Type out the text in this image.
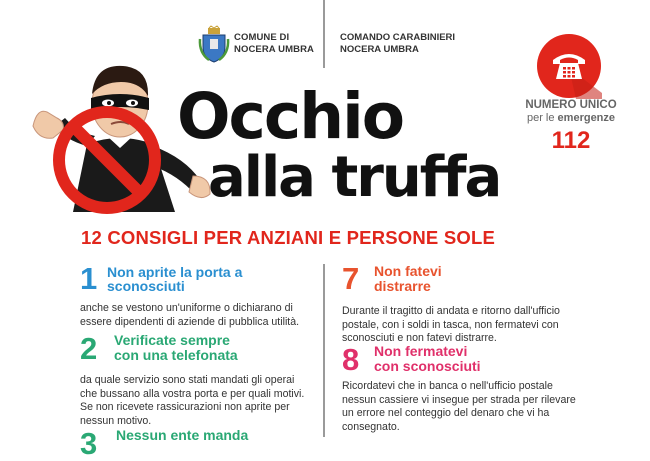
COMUNE DI
NOCERA UMBRA
COMANDO CARABINIERI
NOCERA UMBRA
NUMERO UNICO
per le emergenze
112
Occhio
alla truffa
12 CONSIGLI PER ANZIANI E PERSONE SOLE
1 Non aprite la porta a
sconosciuti
anche se vestono un'uniforme o dichiarano di
essere dipendenti di aziende di pubblica utilità.
2 Verificate sempre
con una telefonata
da quale servizio sono stati mandati gli operai
che bussano alla vostra porta e per quali motivi.
Se non ricevete rassicurazioni non aprite per
nessun motivo.
3 Nessun ente manda
7 Non fatevi
distrarre
Durante il tragitto di andata e ritorno dall'ufficio
postale, con i soldi in tasca, non fermatevi con
sconosciuti e non fatevi distrarre.
8 Non fermatevi
con sconosciuti
Ricordatevi che in banca o nell'ufficio postale
nessun cassiere vi insegue per strada per rilevare
un errore nel conteggio del denaro che vi ha
consegnato.
